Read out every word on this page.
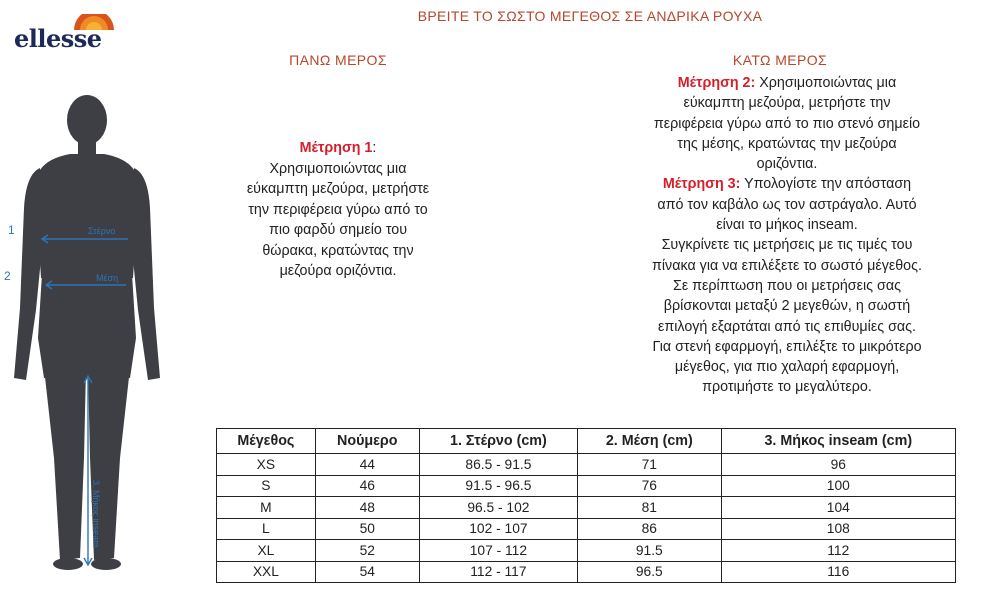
ellesse
ΒΡΕΙΤΕ ΤΟ ΣΩΣΤΟ ΜΕΓΕΘΟΣ ΣΕ ΑΝΔΡΙΚΑ ΡΟΥΧΑ
ΠΑΝΩ ΜΕΡΟΣ	ΚΑΤΩ ΜΕΡΟΣ
Μέτρηση 1:
Χρησιμοποιώντας μια
εύκαμπτη μεζούρα, μετρήστε
την περιφέρεια γύρω από το
πιο φαρδύ σημείο του
θώρακα, κρατώντας την
μεζούρα οριζόντια.
Μέτρηση 2: Χρησιμοποιώντας μια
εύκαμπτη μεζούρα, μετρήστε την
περιφέρεια γύρω από το πιο στενό σημείο
της μέσης, κρατώντας την μεζούρα
οριζόντια.
Μέτρηση 3: Υπολογίστε την απόσταση
από τον καβάλο ως τον αστράγαλο. Αυτό
είναι το μήκος inseam.
Συγκρίνετε τις μετρήσεις με τις τιμές του
πίνακα για να επιλέξετε το σωστό μέγεθος.
Σε περίπτωση που οι μετρήσεις σας
βρίσκονται μεταξύ 2 μεγεθών, η σωστή
επιλογή εξαρτάται από τις επιθυμίες σας.
Για στενή εφαρμογή, επιλέξτε το μικρότερο
μέγεθος, για πιο χαλαρή εφαρμογή,
προτιμήστε το μεγαλύτερο.
1
2
Στέρνο
Μέση
3. Μήκος inseam
Μέγεθος	Νούμερο	1. Στέρνο (cm)	2. Μέση (cm)	3. Μήκος inseam (cm)
XS	44	86.5 - 91.5	71	96
S	46	91.5 - 96.5	76	100
M	48	96.5 - 102	81	104
L	50	102 - 107	86	108
XL	52	107 - 112	91.5	112
XXL	54	112 - 117	96.5	116
